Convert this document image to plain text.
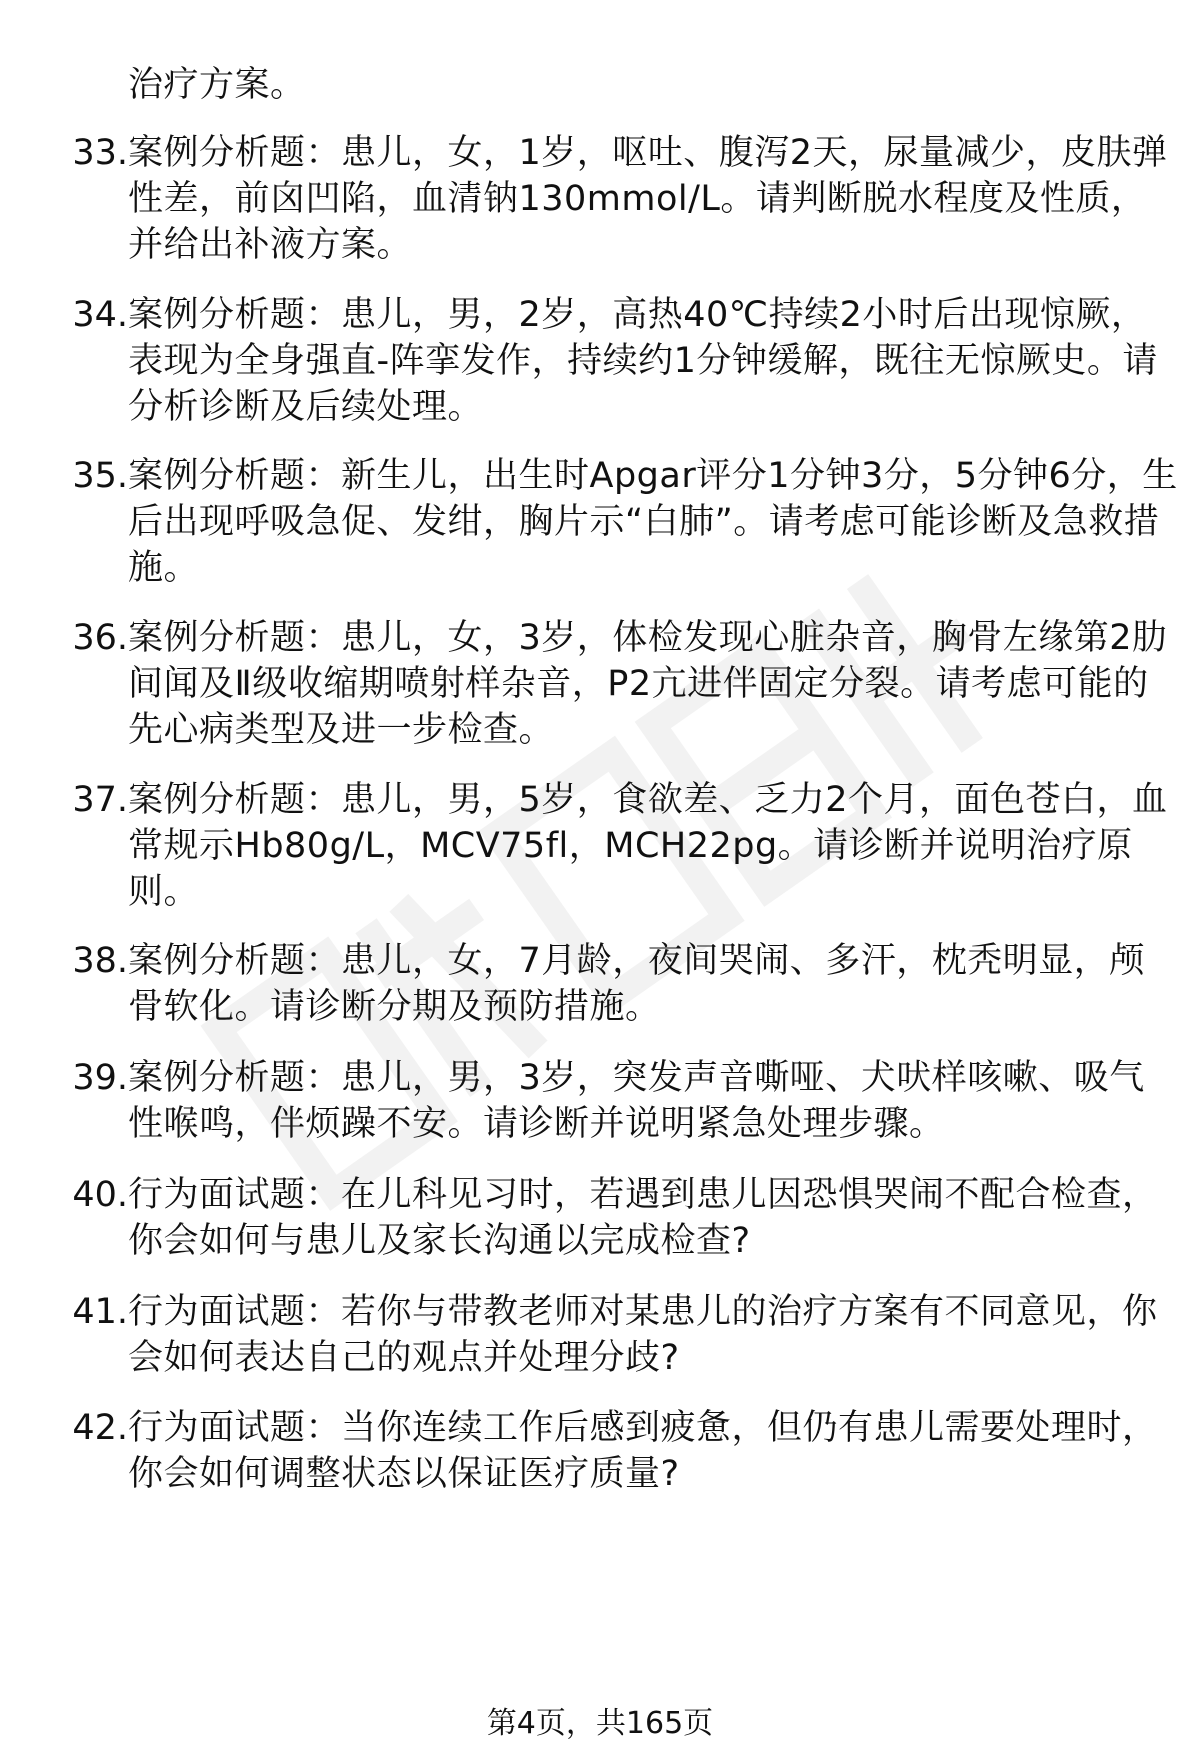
治疗方案。
33. 案例分析题：患儿，女，1岁，呕吐、腹泻2天，尿量减少，皮肤弹性差，前囟凹陷，血清钠130mmol/L。请判断脱水程度及性质，并给出补液方案。
34. 案例分析题：患儿，男，2岁，高热40℃持续2小时后出现惊厥，表现为全身强直-阵挛发作，持续约1分钟缓解，既往无惊厥史。请分析诊断及后续处理。
35. 案例分析题：新生儿，出生时Apgar评分1分钟3分，5分钟6分，生后出现呼吸急促、发绀，胸片示“白肺”。请考虑可能诊断及急救措施。
36. 案例分析题：患儿，女，3岁，体检发现心脏杂音，胸骨左缘第2肋间闻及Ⅱ级收缩期喷射样杂音，P2亢进伴固定分裂。请考虑可能的先心病类型及进一步检查。
37. 案例分析题：患儿，男，5岁，食欲差、乏力2个月，面色苍白，血常规示Hb80g/L，MCV75fl，MCH22pg。请诊断并说明治疗原则。
38. 案例分析题：患儿，女，7月龄，夜间哭闹、多汗，枕秃明显，颅骨软化。请诊断分期及预防措施。
39. 案例分析题：患儿，男，3岁，突发声音嘶哑、犬吠样咳嗽、吸气性喉鸣，伴烦躁不安。请诊断并说明紧急处理步骤。
40. 行为面试题：在儿科见习时，若遇到患儿因恐惧哭闹不配合检查，你会如何与患儿及家长沟通以完成检查?
41. 行为面试题：若你与带教老师对某患儿的治疗方案有不同意见，你会如何表达自己的观点并处理分歧?
42. 行为面试题：当你连续工作后感到疲惫，但仍有患儿需要处理时，你会如何调整状态以保证医疗质量?
第4页，共165页
